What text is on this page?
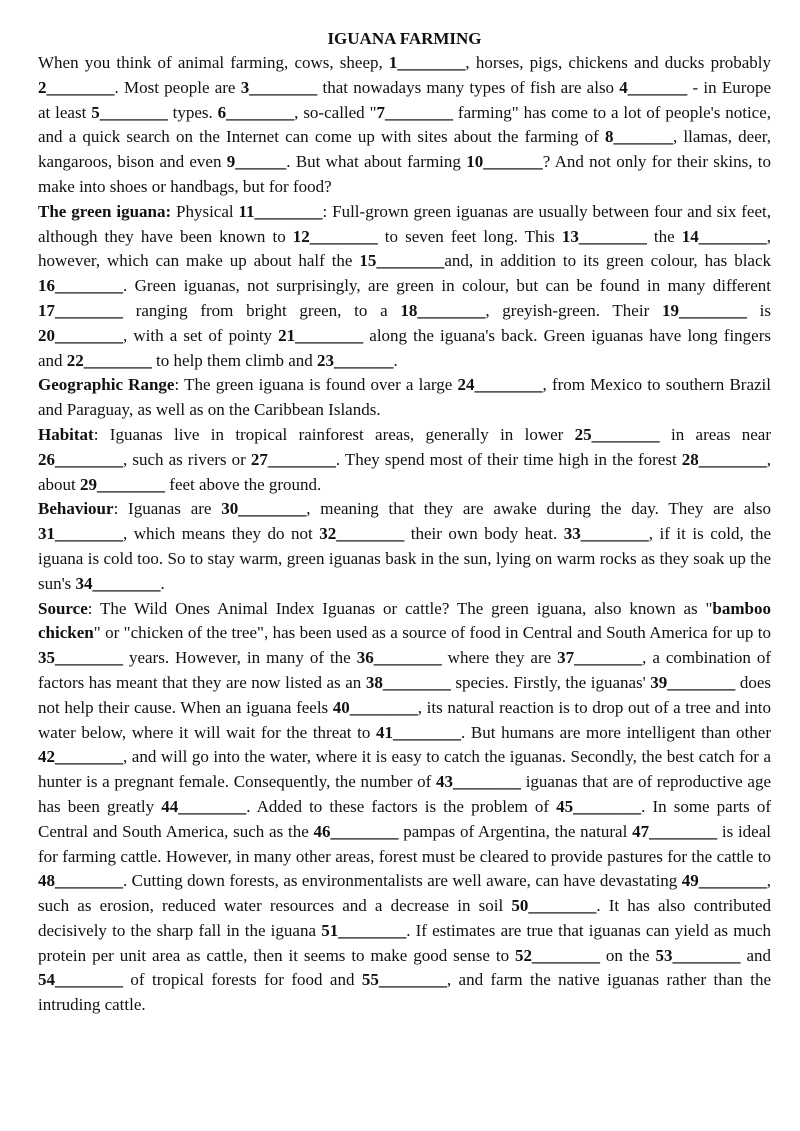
IGUANA FARMING

When you think of animal farming, cows, sheep, 1________, horses, pigs, chickens and ducks probably 2________. Most people are 3________ that nowadays many types of fish are also 4_______ - in Europe at least 5________ types. 6________, so-called "7________ farming" has come to a lot of people's notice, and a quick search on the Internet can come up with sites about the farming of 8_______, llamas, deer, kangaroos, bison and even 9______. But what about farming 10_______? And not only for their skins, to make into shoes or handbags, but for food?

The green iguana: Physical 11________: Full-grown green iguanas are usually between four and six feet, although they have been known to 12________ to seven feet long. This 13________ the 14________, however, which can make up about half the 15________and, in addition to its green colour, has black 16________. Green iguanas, not surprisingly, are green in colour, but can be found in many different 17________ ranging from bright green, to a 18________, greyish-green. Their 19________ is 20________, with a set of pointy 21________ along the iguana's back. Green iguanas have long fingers and 22________ to help them climb and 23_______.

Geographic Range: The green iguana is found over a large 24________, from Mexico to southern Brazil and Paraguay, as well as on the Caribbean Islands.

Habitat: Iguanas live in tropical rainforest areas, generally in lower 25________ in areas near 26________, such as rivers or 27________. They spend most of their time high in the forest 28________, about 29________ feet above the ground.

Behaviour: Iguanas are 30________, meaning that they are awake during the day. They are also 31________, which means they do not 32________ their own body heat. 33________, if it is cold, the iguana is cold too. So to stay warm, green iguanas bask in the sun, lying on warm rocks as they soak up the sun's 34________.

Source: The Wild Ones Animal Index Iguanas or cattle? The green iguana, also known as "bamboo chicken" or "chicken of the tree", has been used as a source of food in Central and South America for up to 35________ years. However, in many of the 36________ where they are 37________, a combination of factors has meant that they are now listed as an 38________ species. Firstly, the iguanas' 39________ does not help their cause. When an iguana feels 40________, its natural reaction is to drop out of a tree and into water below, where it will wait for the threat to 41________. But humans are more intelligent than other 42________, and will go into the water, where it is easy to catch the iguanas. Secondly, the best catch for a hunter is a pregnant female. Consequently, the number of 43________ iguanas that are of reproductive age has been greatly 44________. Added to these factors is the problem of 45________. In some parts of Central and South America, such as the 46________ pampas of Argentina, the natural 47________ is ideal for farming cattle. However, in many other areas, forest must be cleared to provide pastures for the cattle to 48________. Cutting down forests, as environmentalists are well aware, can have devastating 49________, such as erosion, reduced water resources and a decrease in soil 50________. It has also contributed decisively to the sharp fall in the iguana 51________. If estimates are true that iguanas can yield as much protein per unit area as cattle, then it seems to make good sense to 52________ on the 53________ and 54________ of tropical forests for food and 55________, and farm the native iguanas rather than the intruding cattle.
